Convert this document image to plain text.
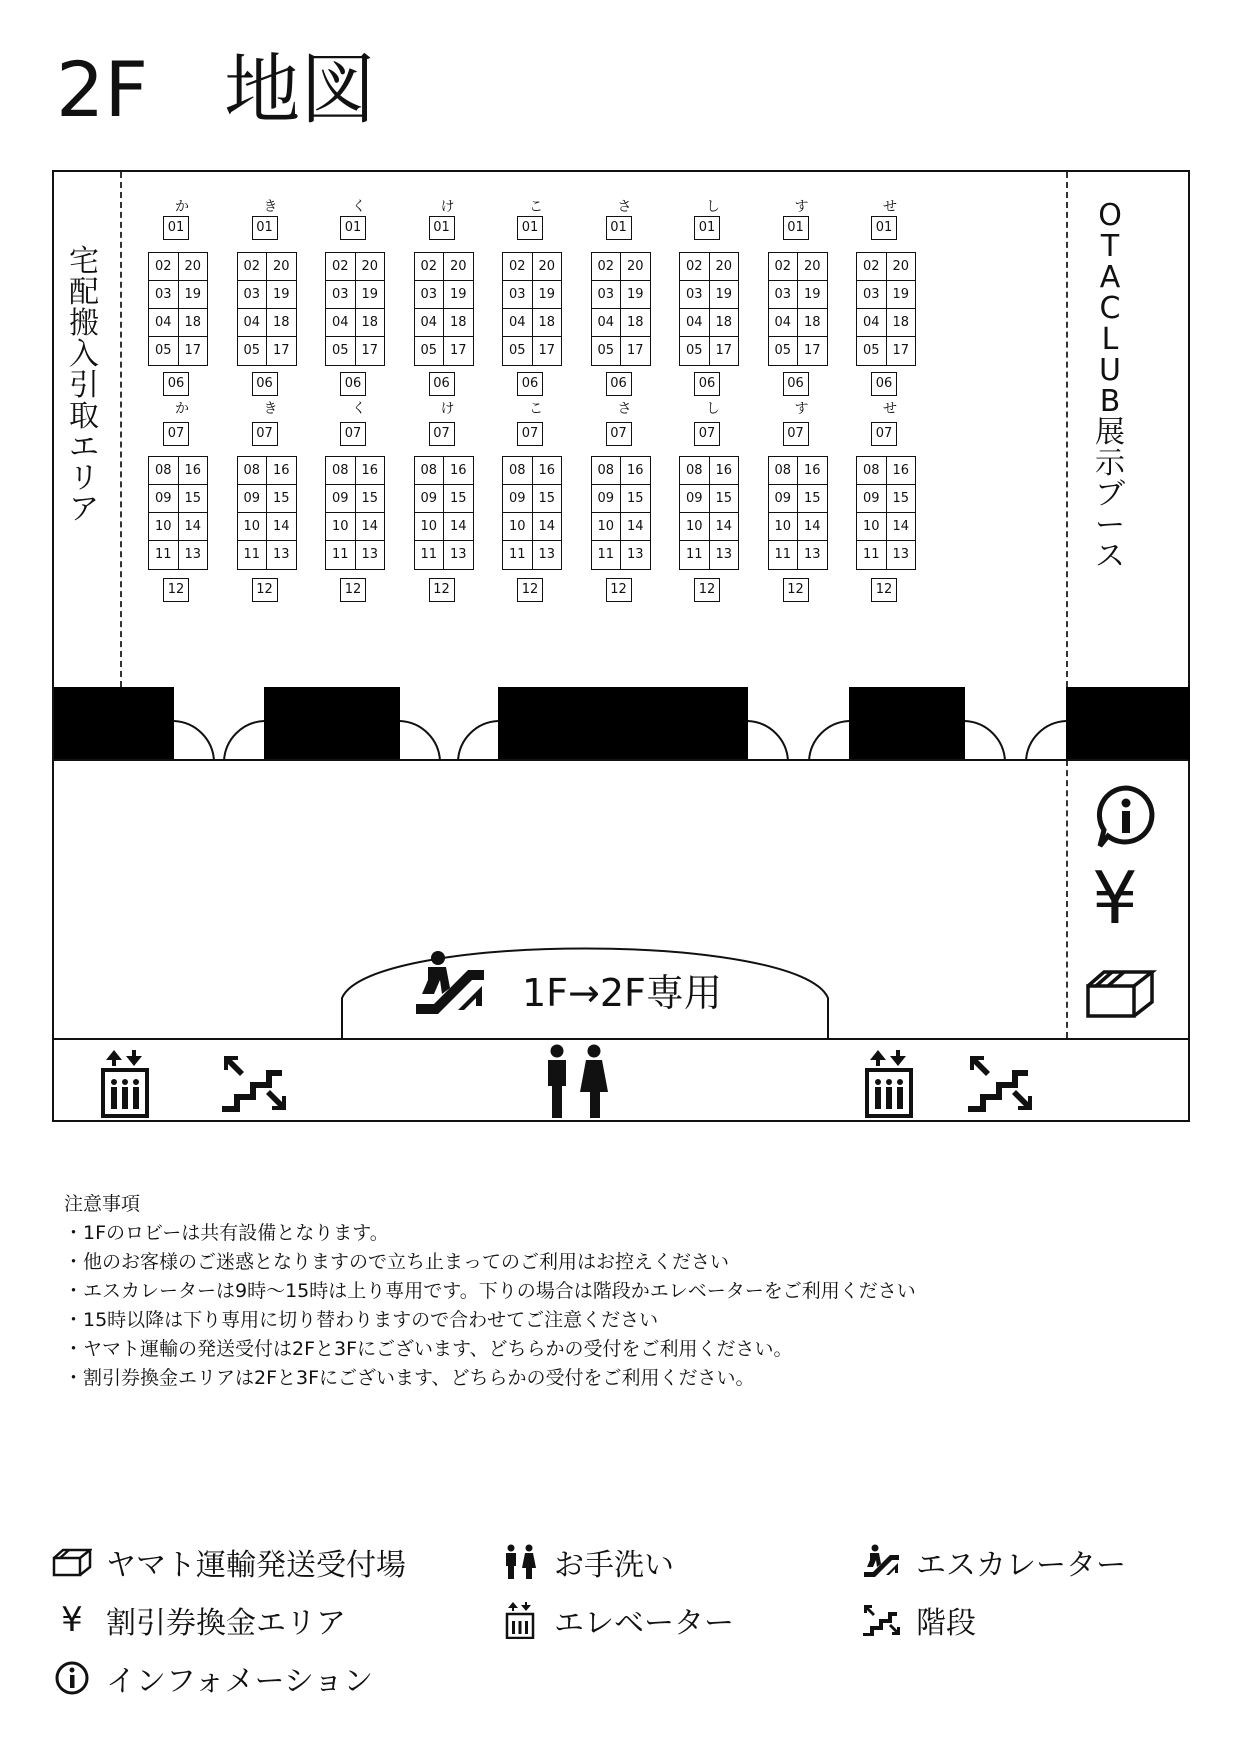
2F　地図
宅
配
搬
入
引
取
エ
リ
ア
O
T
A
C
L
U
B
展
示
ブ
ー
ス
か
01
02 20
03 19
04 18
05 17
06
か
07
08 16
09 15
10 14
11 13
12
き
01
02 20
03 19
04 18
05 17
06
き
07
08 16
09 15
10 14
11 13
12
く
01
02 20
03 19
04 18
05 17
06
く
07
08 16
09 15
10 14
11 13
12
け
01
02 20
03 19
04 18
05 17
06
け
07
08 16
09 15
10 14
11 13
12
こ
01
02 20
03 19
04 18
05 17
06
こ
07
08 16
09 15
10 14
11 13
12
さ
01
02 20
03 19
04 18
05 17
06
さ
07
08 16
09 15
10 14
11 13
12
し
01
02 20
03 19
04 18
05 17
06
し
07
08 16
09 15
10 14
11 13
12
す
01
02 20
03 19
04 18
05 17
06
す
07
08 16
09 15
10 14
11 13
12
せ
01
02 20
03 19
04 18
05 17
06
せ
07
08 16
09 15
10 14
11 13
12
¥
1F→2F専用
注意事項
・1Fのロビーは共有設備となります。
・他のお客様のご迷惑となりますので立ち止まってのご利用はお控えください
・エスカレーターは9時～15時は上り専用です。下りの場合は階段かエレベーターをご利用ください
・15時以降は下り専用に切り替わりますので合わせてご注意ください
・ヤマト運輸の発送受付は2Fと3Fにございます、どちらかの受付をご利用ください。
・割引券換金エリアは2Fと3Fにございます、どちらかの受付をご利用ください。
ヤマト運輸発送受付場
¥ 割引券換金エリア
インフォメーション
お手洗い
エレベーター
エスカレーター
階段
